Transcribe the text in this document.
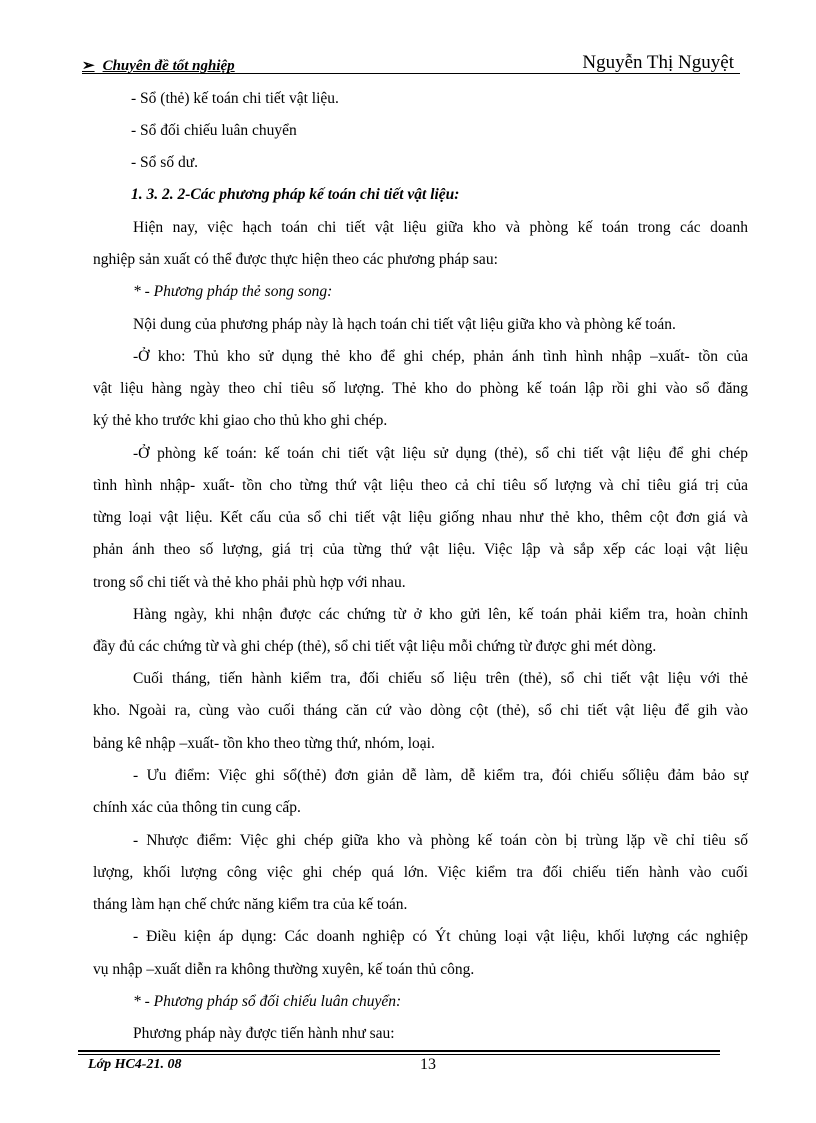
➢ Chuyên đề tốt nghiệp	Nguyễn Thị Nguyệt
- Sổ (thẻ) kế toán chi tiết vật liệu.
- Sổ đối chiếu luân chuyển
- Sổ số dư.
1. 3. 2. 2-Các phương pháp kế toán chi tiết vật liệu:
Hiện nay, việc hạch toán chi tiết vật liệu giữa kho và phòng kế toán trong các doanh
nghiệp sản xuất có thể được thực hiện theo các phương pháp sau:
* - Phương pháp thẻ song song:
Nội dung của phương pháp này là hạch toán chi tiết vật liệu giữa kho và phòng kế toán.
-Ở kho: Thủ kho sử dụng thẻ kho để ghi chép, phản ánh tình hình nhập –xuất- tồn của
vật liệu hàng ngày theo chỉ tiêu số lượng. Thẻ kho do phòng kế toán lập rồi ghi vào sổ đăng
ký thẻ kho trước khi giao cho thủ kho ghi chép.
-Ở phòng kế toán: kế toán chi tiết vật liệu sử dụng (thẻ), sổ chi tiết vật liệu để ghi chép
tình hình nhập- xuất- tồn cho từng thứ vật liệu theo cả chỉ tiêu số lượng và chỉ tiêu giá trị của
từng loại vật liệu. Kết cấu của sổ chi tiết vật liệu giống nhau như thẻ kho, thêm cột đơn giá và
phản ánh theo số lượng, giá trị của từng thứ vật liệu. Việc lập và sắp xếp các loại vật liệu
trong sổ chi tiết và thẻ kho phải phù hợp với nhau.
Hàng ngày, khi nhận được các chứng từ ở kho gửi lên, kế toán phải kiểm tra, hoàn chỉnh
đầy đủ các chứng từ và ghi chép (thẻ), sổ chi tiết vật liệu mỗi chứng từ được ghi mét dòng.
Cuối tháng, tiến hành kiểm tra, đối chiếu số liệu trên (thẻ), sổ chi tiết vật liệu với thẻ
kho. Ngoài ra, cùng vào cuối tháng căn cứ vào dòng cột (thẻ), sổ chi tiết vật liệu để gih vào
bảng kê nhập –xuất- tồn kho theo từng thứ, nhóm, loại.
- Ưu điểm: Việc ghi sổ(thẻ) đơn giản dễ làm, dễ kiểm tra, đói chiếu sốliệu đảm bảo sự
chính xác của thông tin cung cấp.
- Nhược điểm: Việc ghi chép giữa kho và phòng kế toán còn bị trùng lặp về chỉ tiêu số
lượng, khối lượng công việc ghi chép quá lớn. Việc kiểm tra đối chiếu tiến hành vào cuối
tháng làm hạn chế chức năng kiểm tra của kế toán.
- Điều kiện áp dụng: Các doanh nghiệp có Ýt chủng loại vật liệu, khối lượng các nghiệp
vụ nhập –xuất diễn ra không thường xuyên, kế toán thủ công.
* - Phương pháp sổ đối chiếu luân chuyển:
Phương pháp này được tiến hành như sau:
Lớp HC4-21. 08	13
